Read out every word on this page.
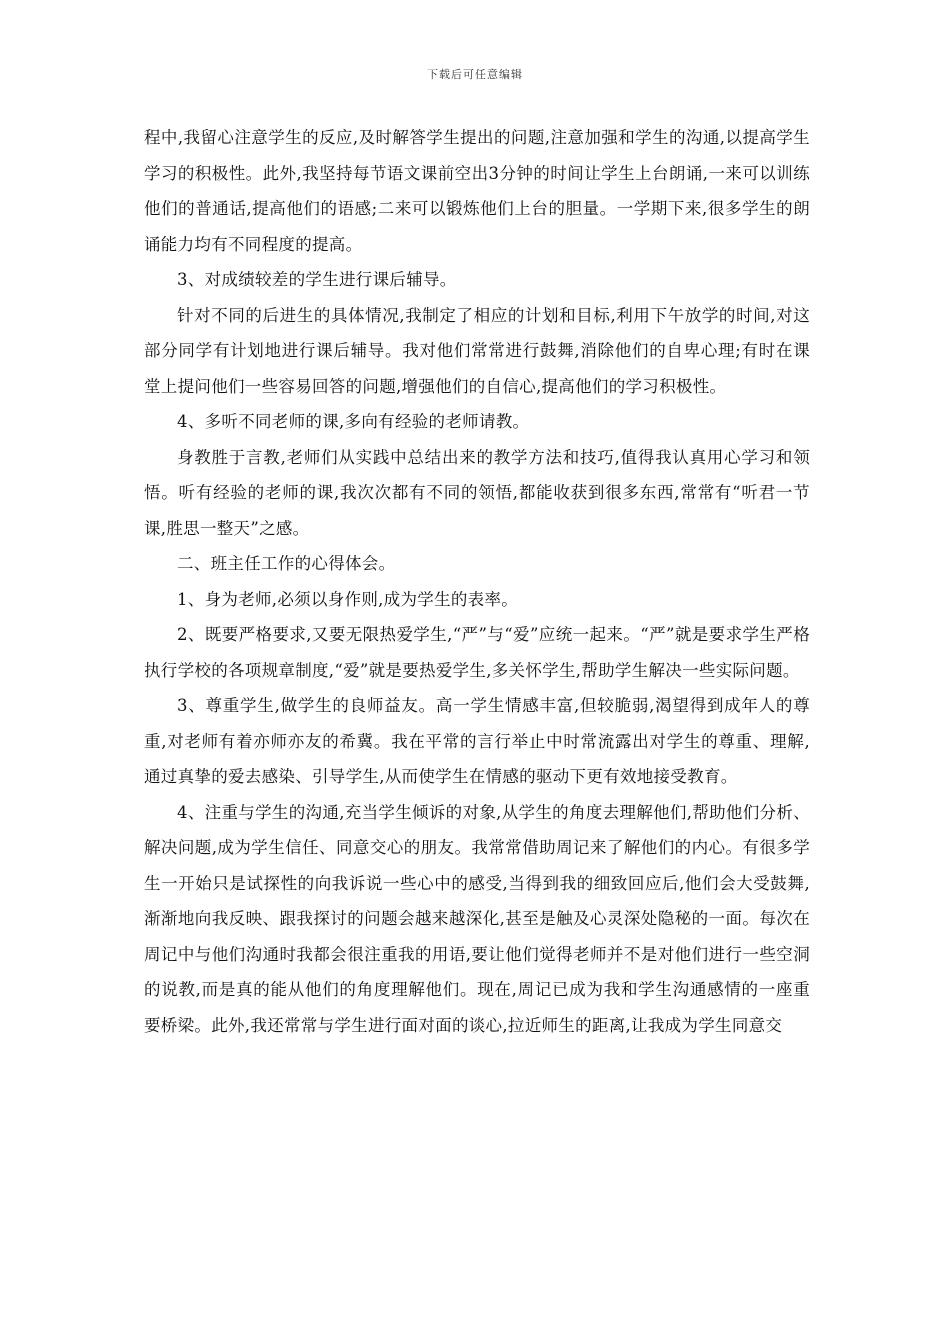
下载后可任意编辑

程中,我留心注意学生的反应,及时解答学生提出的问题,注意加强和学生的沟通,以提高学生学习的积极性。此外,我坚持每节语文课前空出3分钟的时间让学生上台朗诵,一来可以训练他们的普通话,提高他们的语感;二来可以锻炼他们上台的胆量。一学期下来,很多学生的朗诵能力均有不同程度的提高。

3、对成绩较差的学生进行课后辅导。

针对不同的后进生的具体情况,我制定了相应的计划和目标,利用下午放学的时间,对这部分同学有计划地进行课后辅导。我对他们常常进行鼓舞,消除他们的自卑心理;有时在课堂上提问他们一些容易回答的问题,增强他们的自信心,提高他们的学习积极性。

4、多听不同老师的课,多向有经验的老师请教。

身教胜于言教,老师们从实践中总结出来的教学方法和技巧,值得我认真用心学习和领悟。听有经验的老师的课,我次次都有不同的领悟,都能收获到很多东西,常常有“听君一节课,胜思一整天”之感。

二、班主任工作的心得体会。

1、身为老师,必须以身作则,成为学生的表率。

2、既要严格要求,又要无限热爱学生,“严”与“爱”应统一起来。“严”就是要求学生严格执行学校的各项规章制度,“爱”就是要热爱学生,多关怀学生,帮助学生解决一些实际问题。

3、尊重学生,做学生的良师益友。高一学生情感丰富,但较脆弱,渴望得到成年人的尊重,对老师有着亦师亦友的希冀。我在平常的言行举止中时常流露出对学生的尊重、理解,通过真挚的爱去感染、引导学生,从而使学生在情感的驱动下更有效地接受教育。

4、注重与学生的沟通,充当学生倾诉的对象,从学生的角度去理解他们,帮助他们分析、解决问题,成为学生信任、同意交心的朋友。我常常借助周记来了解他们的内心。有很多学生一开始只是试探性的向我诉说一些心中的感受,当得到我的细致回应后,他们会大受鼓舞,渐渐地向我反映、跟我探讨的问题会越来越深化,甚至是触及心灵深处隐秘的一面。每次在周记中与他们沟通时我都会很注重我的用语,要让他们觉得老师并不是对他们进行一些空洞的说教,而是真的能从他们的角度理解他们。现在,周记已成为我和学生沟通感情的一座重要桥梁。此外,我还常常与学生进行面对面的谈心,拉近师生的距离,让我成为学生同意交
